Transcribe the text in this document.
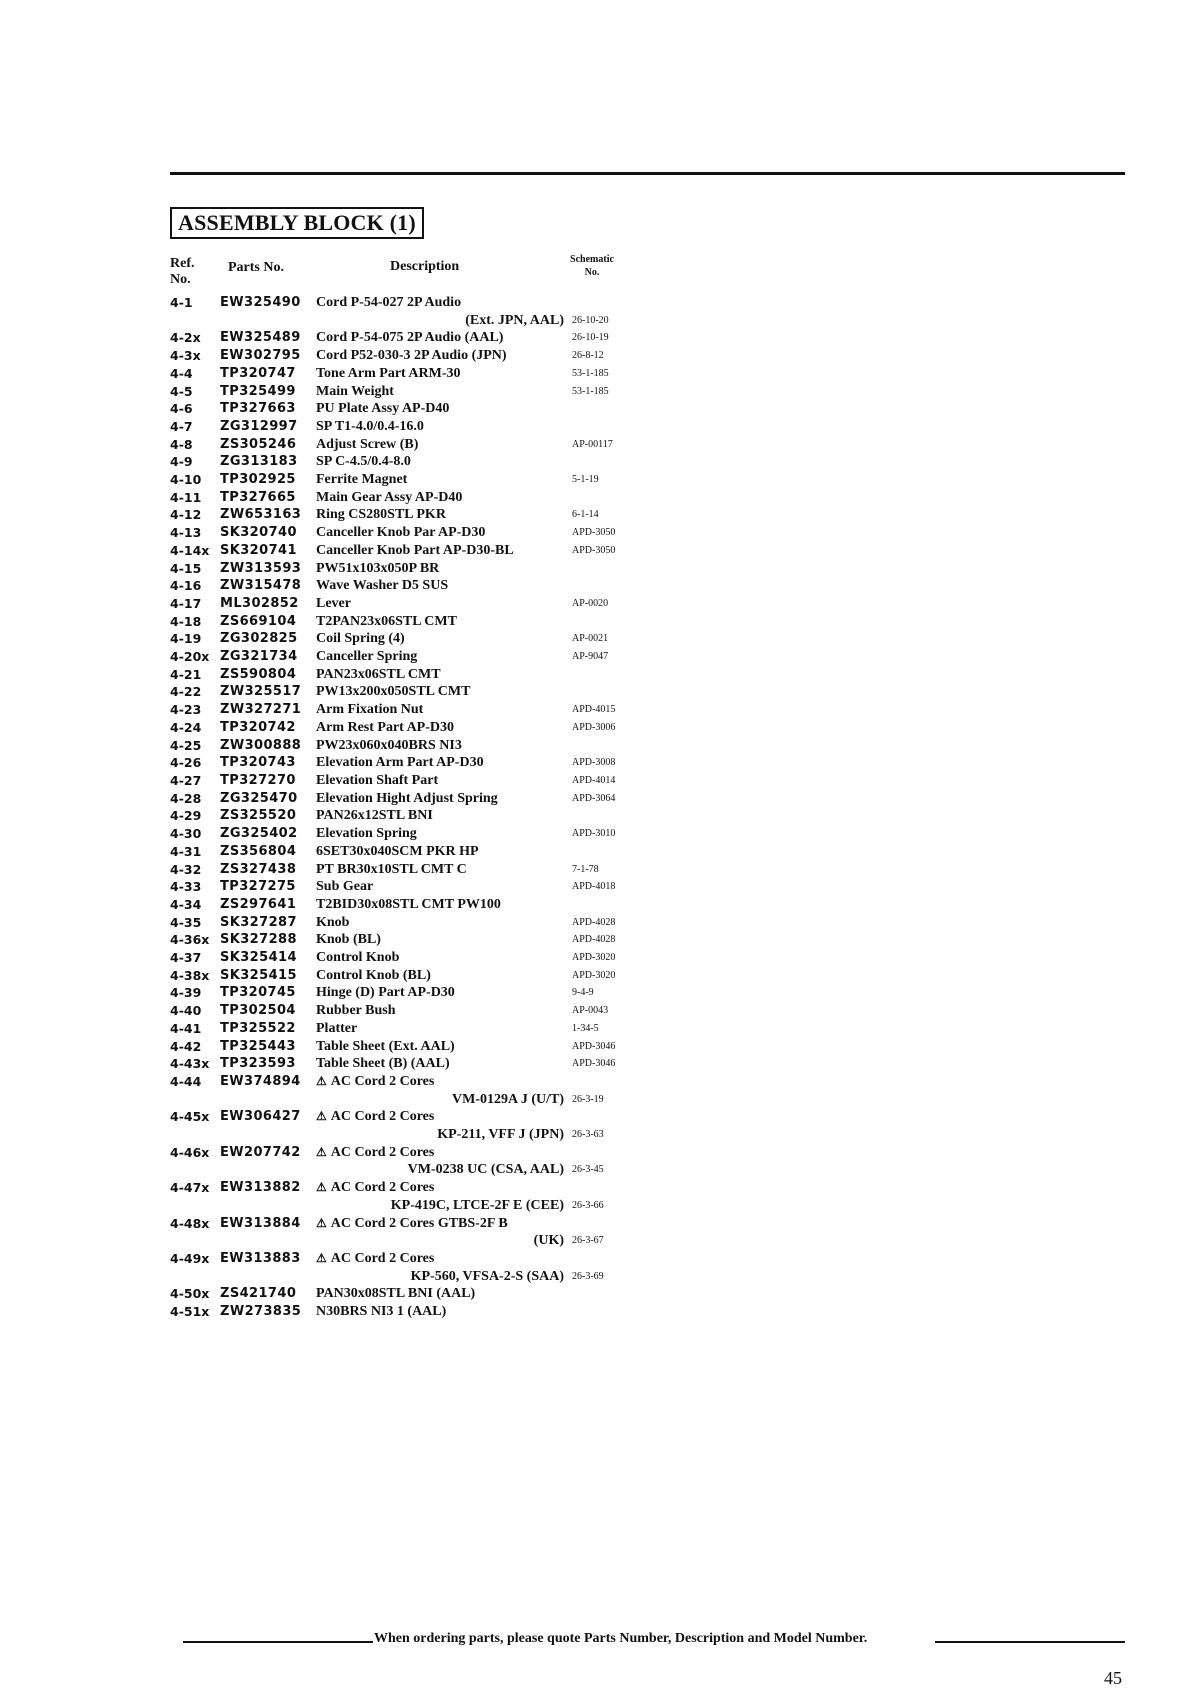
ASSEMBLY BLOCK (1)
Ref.
No.
Parts No.	Description	Schematic
No.
4-1	EW325490	Cord P-54-027 2P Audio
(Ext. JPN, AAL) 26-10-20
4-2x	EW325489	Cord P-54-075 2P Audio (AAL)	26-10-19
4-3x	EW302795	Cord P52-030-3 2P Audio (JPN)	26-8-12
4-4	TP320747	Tone Arm Part ARM-30	53-1-185
4-5	TP325499	Main Weight	53-1-185
4-6	TP327663	PU Plate Assy AP-D40
4-7	ZG312997	SP T1-4.0/0.4-16.0
4-8	ZS305246	Adjust Screw (B)	AP-00117
4-9	ZG313183	SP C-4.5/0.4-8.0
4-10	TP302925	Ferrite Magnet	5-1-19
4-11	TP327665	Main Gear Assy AP-D40
4-12	ZW653163	Ring CS280STL PKR	6-1-14
4-13	SK320740	Canceller Knob Par AP-D30	APD-3050
4-14x SK320741	Canceller Knob Part AP-D30-BL	APD-3050
4-15	ZW313593	PW51x103x050P BR
4-16	ZW315478	Wave Washer D5 SUS
4-17	ML302852	Lever	AP-0020
4-18	ZS669104	T2PAN23x06STL CMT
4-19	ZG302825	Coil Spring (4)	AP-0021
4-20x ZG321734	Canceller Spring	AP-9047
4-21	ZS590804	PAN23x06STL CMT
4-22	ZW325517	PW13x200x050STL CMT
4-23	ZW327271	Arm Fixation Nut	APD-4015
4-24	TP320742	Arm Rest Part AP-D30	APD-3006
4-25	ZW300888	PW23x060x040BRS NI3
4-26	TP320743	Elevation Arm Part AP-D30	APD-3008
4-27	TP327270	Elevation Shaft Part	APD-4014
4-28	ZG325470	Elevation Hight Adjust Spring	APD-3064
4-29	ZS325520	PAN26x12STL BNI
4-30	ZG325402	Elevation Spring	APD-3010
4-31	ZS356804	6SET30x040SCM PKR HP
4-32	ZS327438	PT BR30x10STL CMT C	7-1-78
4-33	TP327275	Sub Gear	APD-4018
4-34	ZS297641	T2BID30x08STL CMT PW100
4-35	SK327287	Knob	APD-4028
4-36x SK327288	Knob (BL)	APD-4028
4-37	SK325414	Control Knob	APD-3020
4-38x SK325415	Control Knob (BL)	APD-3020
4-39	TP320745	Hinge (D) Part AP-D30	9-4-9
4-40	TP302504	Rubber Bush	AP-0043
4-41	TP325522	Platter	1-34-5
4-42	TP325443	Table Sheet (Ext. AAL)	APD-3046
4-43x TP323593	Table Sheet (B) (AAL)	APD-3046
4-44	EW374894	⚠ AC Cord 2 Cores
VM-0129A J (U/T) 26-3-19
4-45x EW306427	⚠ AC Cord 2 Cores
KP-211, VFF J (JPN) 26-3-63
4-46x EW207742	⚠ AC Cord 2 Cores
VM-0238 UC (CSA, AAL) 26-3-45
4-47x EW313882	⚠ AC Cord 2 Cores
KP-419C, LTCE-2F E (CEE) 26-3-66
4-48x EW313884	⚠ AC Cord 2 Cores GTBS-2F B
(UK) 26-3-67
4-49x EW313883	⚠ AC Cord 2 Cores
KP-560, VFSA-2-S (SAA) 26-3-69
4-50x ZS421740	PAN30x08STL BNI (AAL)
4-51x ZW273835	N30BRS NI3 1 (AAL)
When ordering parts, please quote Parts Number, Description and Model Number.
45
